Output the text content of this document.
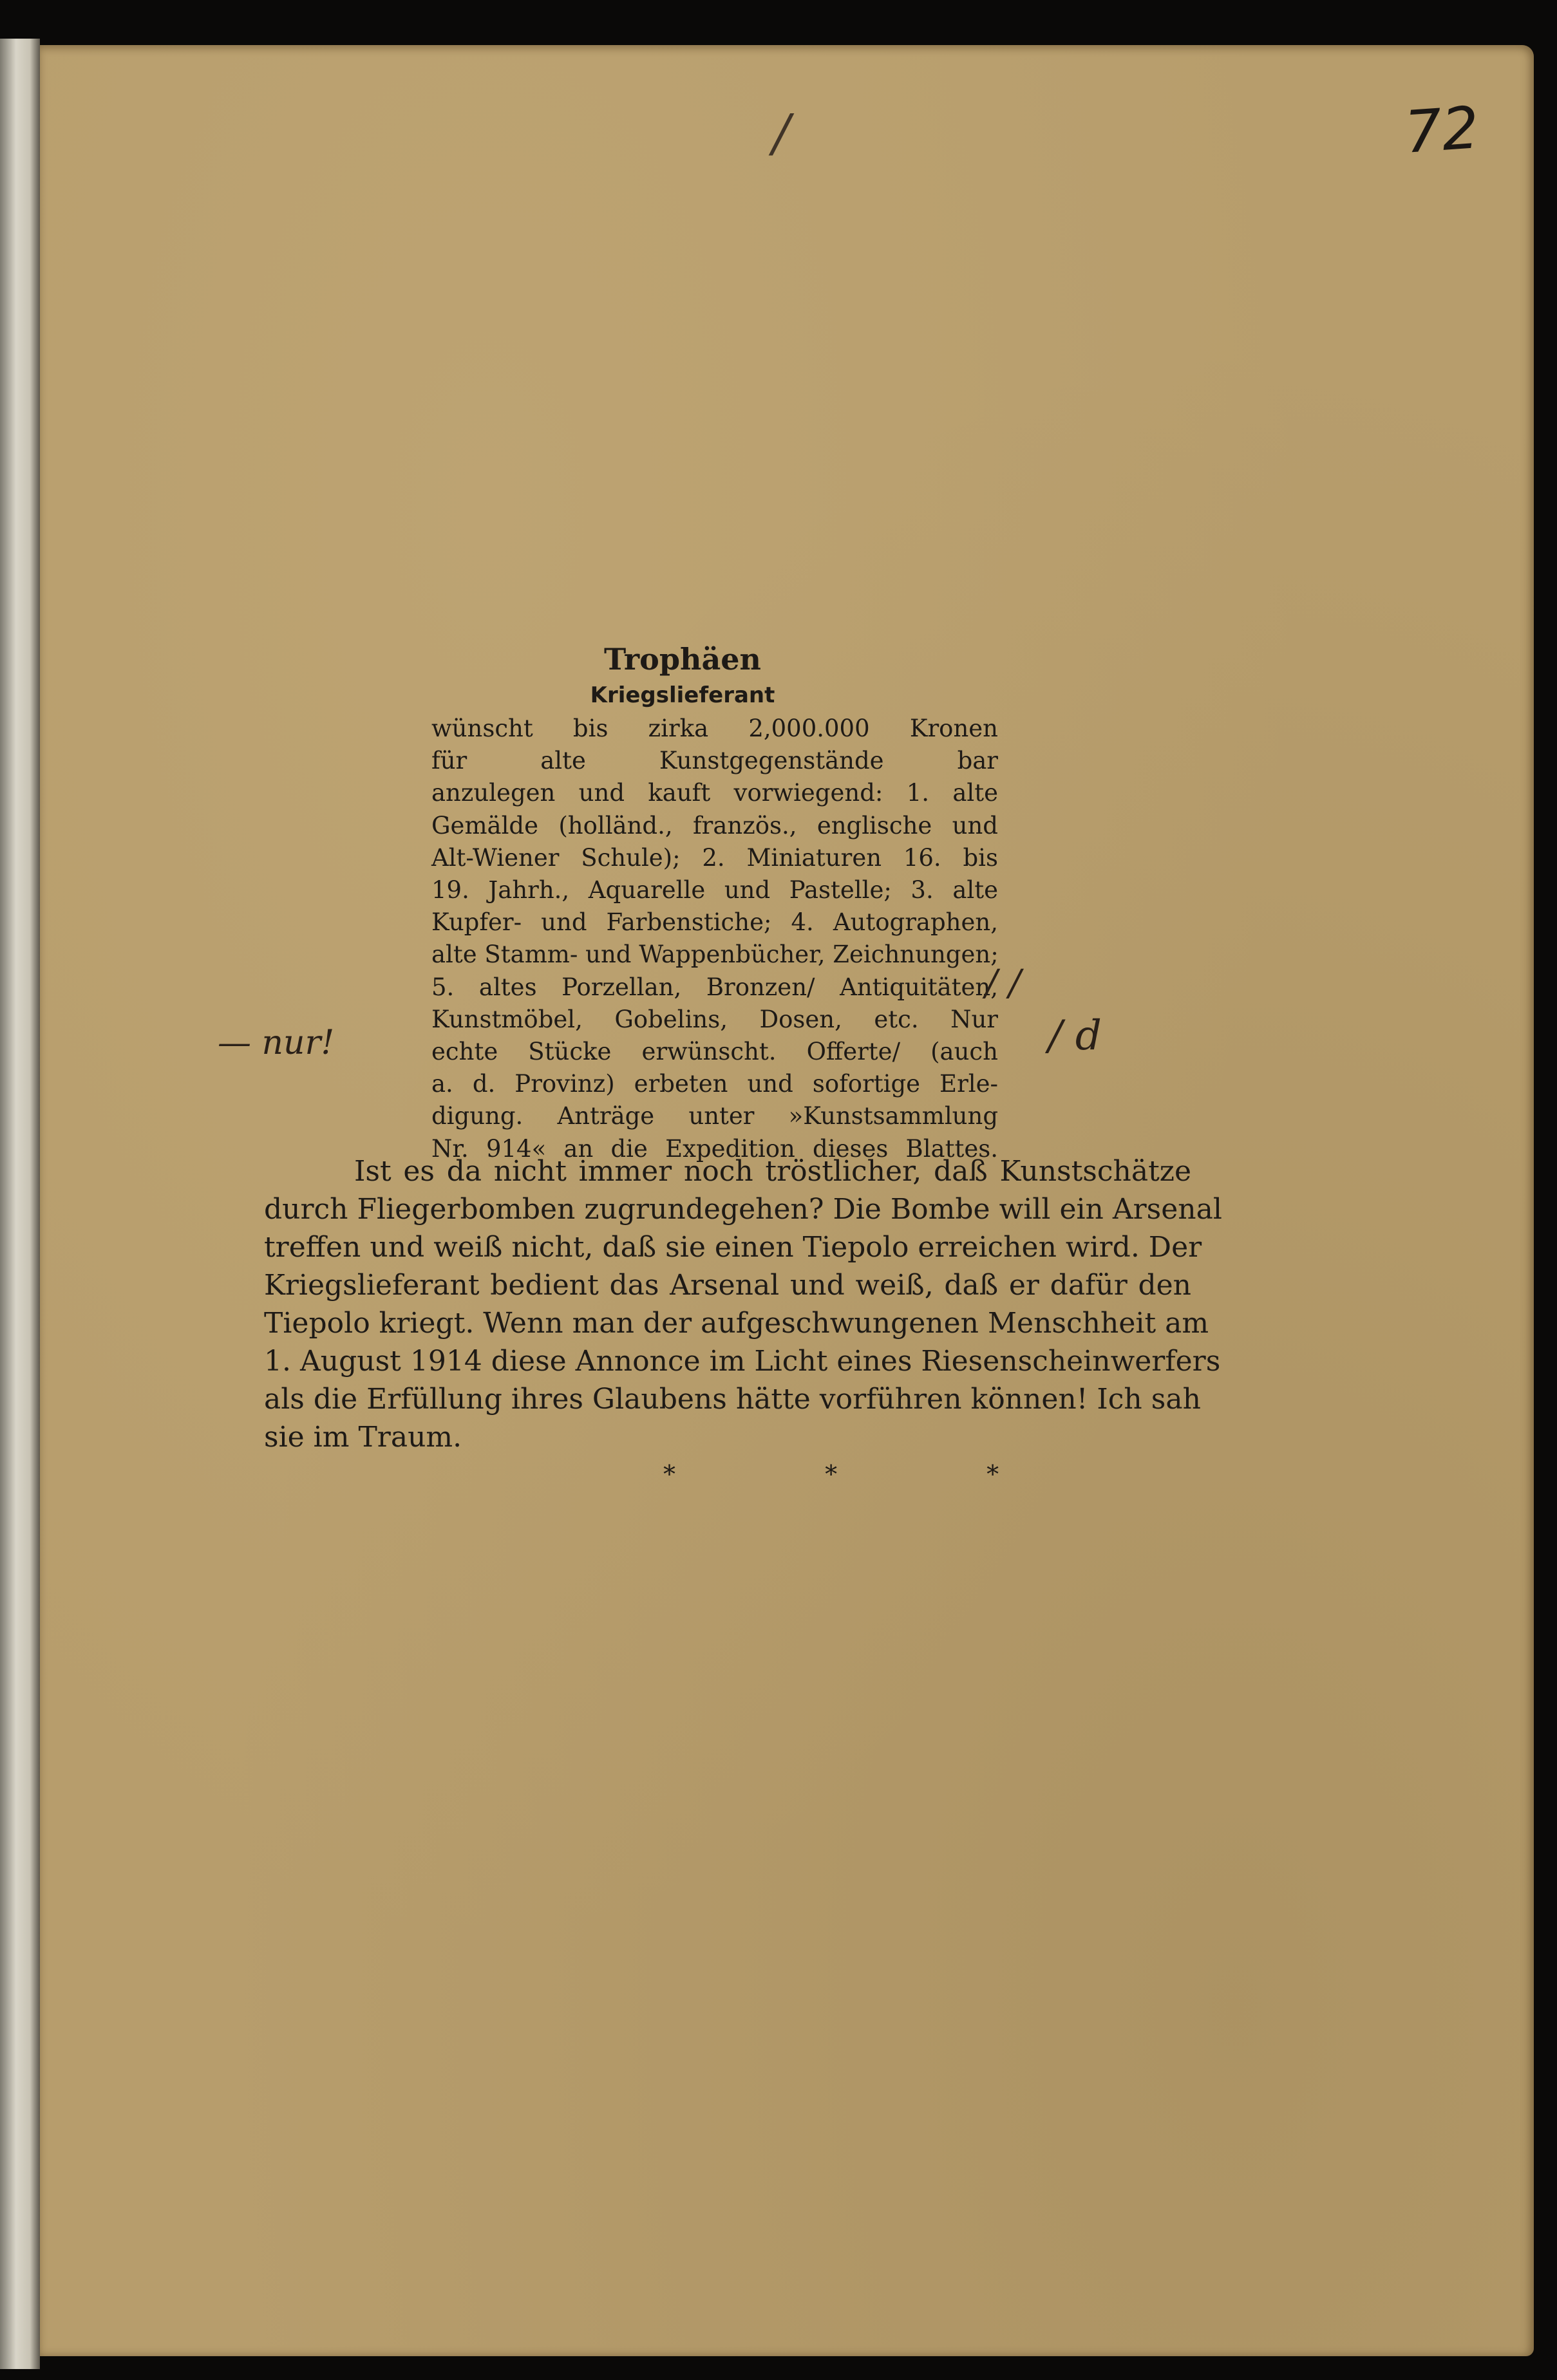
/	72
Trophäen
Kriegslieferant
wünscht bis zirka 2,000.000 Kronen
für alte Kunstgegenstände bar
anzulegen und kauft vorwiegend: 1. alte
Gemälde (holländ., französ., englische und
Alt-Wiener Schule); 2. Miniaturen 16. bis
19. Jahrh., Aquarelle und Pastelle; 3. alte
Kupfer- und Farbenstiche; 4. Autographen,
alte Stamm- und Wappenbücher, Zeichnungen;
5. altes Porzellan, Bronzen/ Antiquitäten,
Kunstmöbel, Gobelins, Dosen, etc. Nur
echte Stücke erwünscht. Offerte/ (auch
a. d. Provinz) erbeten und sofortige Erle-
digung. Anträge unter »Kunstsammlung
Nr. 914« an die Expedition dieses Blattes.
/ /
— nur!	/ d
Ist es da nicht immer noch tröstlicher, daß Kunstschätze
durch Fliegerbomben zugrundegehen? Die Bombe will ein Arsenal
treffen und weiß nicht, daß sie einen Tiepolo erreichen wird. Der
Kriegslieferant bedient das Arsenal und weiß, daß er dafür den
Tiepolo kriegt. Wenn man der aufgeschwungenen Menschheit am
1. August 1914 diese Annonce im Licht eines Riesenscheinwerfers
als die Erfüllung ihres Glaubens hätte vorführen können! Ich sah
sie im Traum.
* * *
